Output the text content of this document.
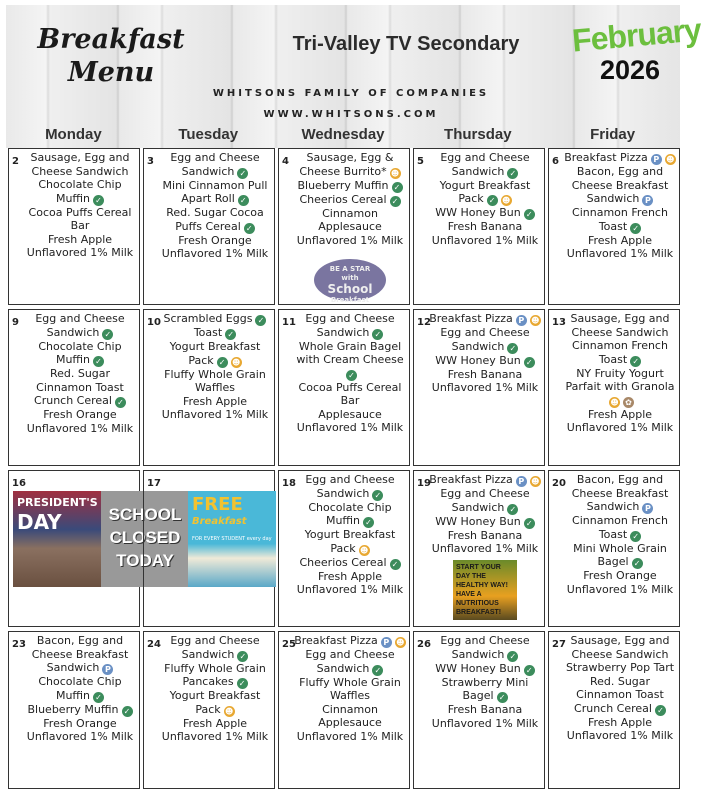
Breakfast Menu
Tri-Valley TV Secondary
WHITSONS FAMILY OF COMPANIES
WWW.WHITSONS.COM
February
2026
Monday	Tuesday	Wednesday	Thursday	Friday
2	Sausage, Egg and
Cheese Sandwich
Chocolate Chip
Muffin ✓
Cocoa Puffs Cereal
Bar
Fresh Apple
Unflavored 1% Milk
3	Egg and Cheese
Sandwich ✓
Mini Cinnamon Pull
Apart Roll ✓
Red. Sugar Cocoa
Puffs Cereal ✓
Fresh Orange
Unflavored 1% Milk
4	Sausage, Egg &
Cheese Burrito* ☻
Blueberry Muffin ✓
Cheerios Cereal ✓
Cinnamon
Applesauce
Unflavored 1% Milk
BE A STAR
with
School
Breakfast
5	Egg and Cheese
Sandwich ✓
Yogurt Breakfast
Pack ✓ ☻
WW Honey Bun ✓
Fresh Banana
Unflavored 1% Milk
6 Breakfast Pizza P ☻
Bacon, Egg and
Cheese Breakfast
Sandwich P
Cinnamon French
Toast ✓
Fresh Apple
Unflavored 1% Milk
9	Egg and Cheese
Sandwich ✓
Chocolate Chip
Muffin ✓
Red. Sugar
Cinnamon Toast
Crunch Cereal ✓
Fresh Orange
Unflavored 1% Milk
10 Scrambled Eggs ✓
Toast ✓
Yogurt Breakfast
Pack ✓ ☻
Fluffy Whole Grain
Waffles
Fresh Apple
Unflavored 1% Milk
11 Egg and Cheese
Sandwich ✓
Whole Grain Bagel
with Cream Cheese✓
Cocoa Puffs Cereal
Bar
Applesauce
Unflavored 1% Milk
12
Breakfast Pizza P ☻
Egg and Cheese
Sandwich ✓
WW Honey Bun ✓
Fresh Banana
Unflavored 1% Milk
13 Sausage, Egg and
Cheese Sandwich
Cinnamon French
Toast ✓
NY Fruity Yogurt
Parfait with Granola
☻ ✿
Fresh Apple
Unflavored 1% Milk
16
PRESIDENT'S
DAY	SCHOOL CLOSED TODAY
17
FREE
Breakfast
FOR EVERY STUDENT every day
18 Egg and Cheese
Sandwich ✓
Chocolate Chip
Muffin ✓
Yogurt Breakfast
Pack ☻
Cheerios Cereal ✓
Fresh Apple
Unflavored 1% Milk
19
Breakfast Pizza P ☻
Egg and Cheese
Sandwich ✓
WW Honey Bun ✓
Fresh Banana
Unflavored 1% Milk
START YOUR DAY THE HEALTHY WAY! HAVE A NUTRITIOUS BREAKFAST!
20	Bacon, Egg and
Cheese Breakfast
Sandwich P
Cinnamon French
Toast ✓
Mini Whole Grain
Bagel ✓
Fresh Orange
Unflavored 1% Milk
23	Bacon, Egg and
Cheese Breakfast
Sandwich P
Chocolate Chip
Muffin ✓
Blueberry Muffin ✓
Fresh Orange
Unflavored 1% Milk
24 Egg and Cheese
Sandwich ✓
Fluffy Whole Grain
Pancakes ✓
Yogurt Breakfast
Pack ☻
Fresh Apple
Unflavored 1% Milk
25
Breakfast Pizza P ☻
Egg and Cheese
Sandwich ✓
Fluffy Whole Grain
Waffles
Cinnamon
Applesauce
Unflavored 1% Milk
26 Egg and Cheese
Sandwich ✓
WW Honey Bun ✓
Strawberry Mini
Bagel ✓
Fresh Banana
Unflavored 1% Milk
27 Sausage, Egg and
Cheese Sandwich
Strawberry Pop Tart
Red. Sugar
Cinnamon Toast
Crunch Cereal ✓
Fresh Apple
Unflavored 1% Milk
